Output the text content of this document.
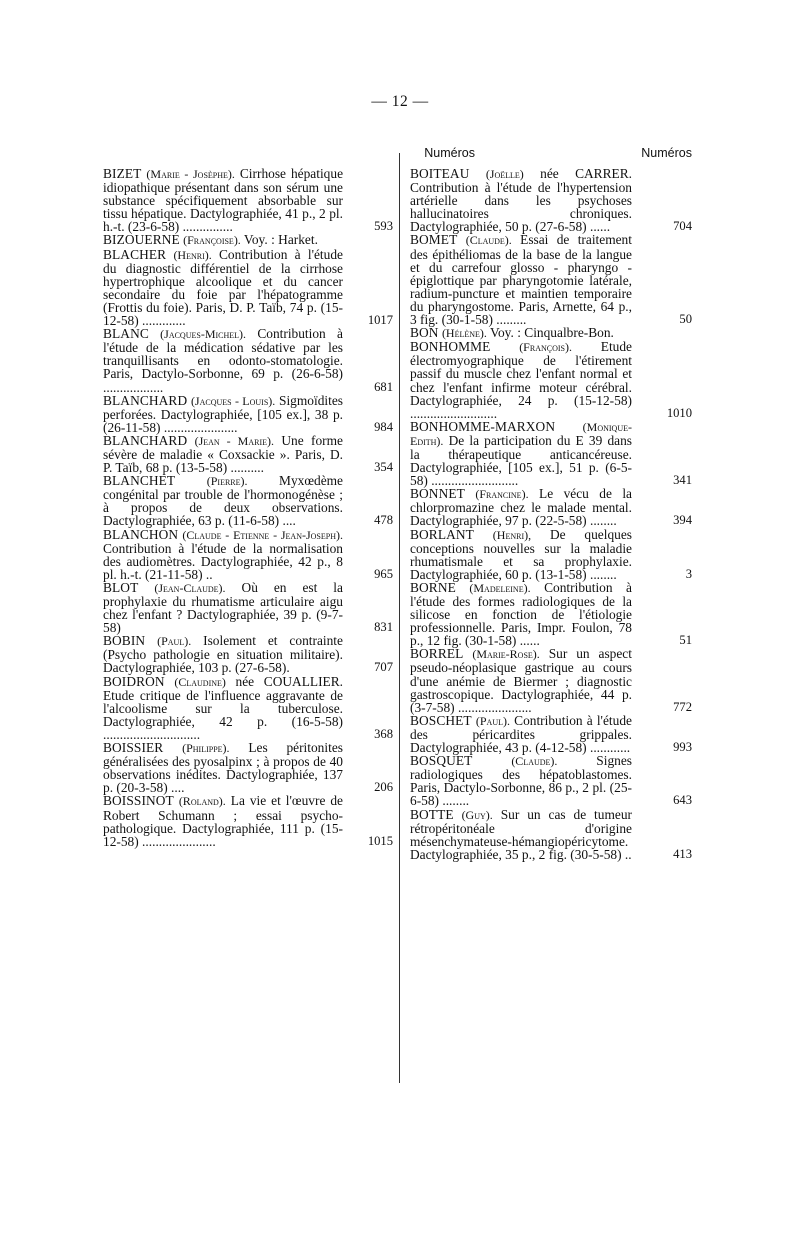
— 12 —
Numéros
BIZET (Marie - Josèphe). Cirrhose hépatique idiopathique présentant dans son sérum une substance spécifiquement absorbable sur tissu hépatique. Dactylographiée, 41 p., 2 pl. h.-t. (23-6-58) ...............	593
BIZOUERNE (Françoise). Voy. : Harket.
BLACHER (Henri). Contribution à l'étude du diagnostic différentiel de la cirrhose hypertrophique alcoolique et du cancer secondaire du foie par l'hépatogramme (Frottis du foie). Paris, D. P. Taïb, 74 p. (15-12-58) .............	1017
BLANC (Jacques-Michel). Contribution à l'étude de la médication sédative par les tranquillisants en odonto-stomatologie. Paris, Dactylo-Sorbonne, 69 p. (26-6-58) ..................	681
BLANCHARD (Jacques - Louis). Sigmoïdites perforées. Dactylographiée, [105 ex.], 38 p. (26-11-58) ......................	984
BLANCHARD (Jean - Marie). Une forme sévère de maladie « Coxsackie ». Paris, D. P. Taïb, 68 p. (13-5-58) ..........	354
BLANCHET	(Pierre). Myxœdème congénital par trouble de l'hormonogénèse ; à propos de deux observations. Dactylographiée, 63 p. (11-6-58) ....	478
BLANCHON (Claude - Etienne - Jean-Joseph). Contribution à l'étude de la normalisation des audiomètres. Dactylographiée, 42 p., 8 pl. h.-t. (21-11-58) ..	965
BLOT (Jean-Claude). Où en est la prophylaxie du rhumatisme articulaire aigu chez l'enfant ? Dactylographiée, 39 p. (9-7-58)	831
BOBIN (Paul). Isolement et contrainte (Psycho pathologie en situation militaire). Dactylographiée, 103 p. (27-6-58).	707
BOIDRON (Claudine) née COUALLIER. Etude critique de l'influence aggravante de l'alcoolisme sur la tuberculose. Dactylographiée, 42 p. (16-5-58) .............................	368
BOISSIER (Philippe). Les péritonites généralisées des pyosalpinx ; à propos de 40 observations inédites. Dactylographiée, 137 p. (20-3-58) ....	206
BOISSINOT (Roland). La vie et l'œuvre de Robert Schumann ; essai psycho-pathologique. Dactylographiée, 111 p. (15-12-58) ......................	1015
Numéros
BOITEAU (Joëlle) née CARRER. Contribution à l'étude de l'hypertension artérielle dans les psychoses hallucinatoires chroniques. Dactylographiée, 50 p. (27-6-58) ......	704
BOMET (Claude). Essai de traitement des épithéliomas de la base de la langue et du carrefour glosso - pharyngo - épiglottique par pharyngotomie latérale, radium-puncture et maintien temporaire du pharyngostome. Paris, Arnette, 64 p., 3 fig. (30-1-58) .........	50
BON (Hélène). Voy. : Cinqualbre-Bon.
BONHOMME (François). Etude électromyographique de l'étirement passif du muscle chez l'enfant normal et chez l'enfant infirme moteur cérébral. Dactylographiée, 24 p. (15-12-58) ..........................	1010
BONHOMME-MARXON (Monique-Edith). De la participation du E 39 dans la thérapeutique anticancéreuse. Dactylographiée, [105 ex.], 51 p. (6-5-58) ..........................	341
BONNET (Francine). Le vécu de la chlorpromazine chez le malade mental. Dactylographiée, 97 p. (22-5-58) ........	394
BORLANT (Henri), De quelques conceptions nouvelles sur la maladie rhumatismale et sa prophylaxie. Dactylographiée, 60 p. (13-1-58) ........	3
BORNE (Madeleine). Contribution à l'étude des formes radiologiques de la silicose en fonction de l'étiologie professionnelle. Paris, Impr. Foulon, 78 p., 12 fig. (30-1-58) ......	51
BORREL (Marie-Rose). Sur un aspect pseudo-néoplasique gastrique au cours d'une anémie de Biermer ; diagnostic gastroscopique. Dactylographiée, 44 p. (3-7-58) ......................	772
BOSCHET (Paul). Contribution à l'étude des péricardites grippales. Dactylographiée, 43 p. (4-12-58) ............	993
BOSQUET	(Claude).	Signes radiologiques des hépatoblastomes. Paris, Dactylo-Sorbonne, 86 p., 2 pl. (25-6-58) ........	643
BOTTE (Guy). Sur un cas de tumeur rétropéritonéale d'origine mésenchymateuse-hémangiopéricytome. Dactylographiée, 35 p., 2 fig. (30-5-58) ..	413
